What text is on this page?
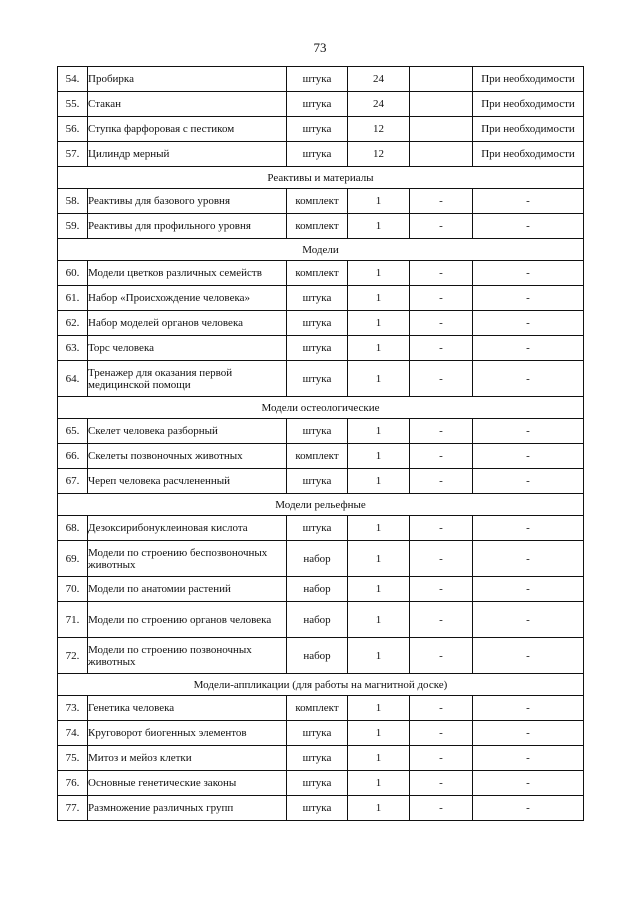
73
54.	Пробирка	штука	24		При необходимости
55.	Стакан	штука	24		При необходимости
56.	Ступка фарфоровая с пестиком	штука	12		При необходимости
57.	Цилиндр мерный	штука	12		При необходимости
Реактивы и материалы					
58.	Реактивы для базового уровня	комплект	1	-	-
59.	Реактивы для профильного уровня	комплект	1	-	-
Модели					
60.	Модели цветков различных семейств	комплект	1	-	-
61.	Набор «Происхождение человека»	штука	1	-	-
62.	Набор моделей органов человека	штука	1	-	-
63.	Торс человека	штука	1	-	-
64.	Тренажер для оказания первой медицинской помощи	штука	1	-	-
Модели остеологические					
65.	Скелет человека разборный	штука	1	-	-
66.	Скелеты позвоночных животных	комплект	1	-	-
67.	Череп человека расчлененный	штука	1	-	-
Модели рельефные					
68.	Дезоксирибонуклеиновая кислота	штука	1	-	-
69.	Модели по строению беспозвоночных животных	набор	1	-	-
70.	Модели по анатомии растений	набор	1	-	-
71.	Модели по строению органов человека	набор	1	-	-
72.	Модели по строению позвоночных животных	набор	1	-	-
Модели-аппликации (для работы на магнитной доске)					
73.	Генетика человека	комплект	1	-	-
74.	Круговорот биогенных элементов	штука	1	-	-
75.	Митоз и мейоз клетки	штука	1	-	-
76.	Основные генетические законы	штука	1	-	-
77.	Размножение различных групп	штука	1	-	-
